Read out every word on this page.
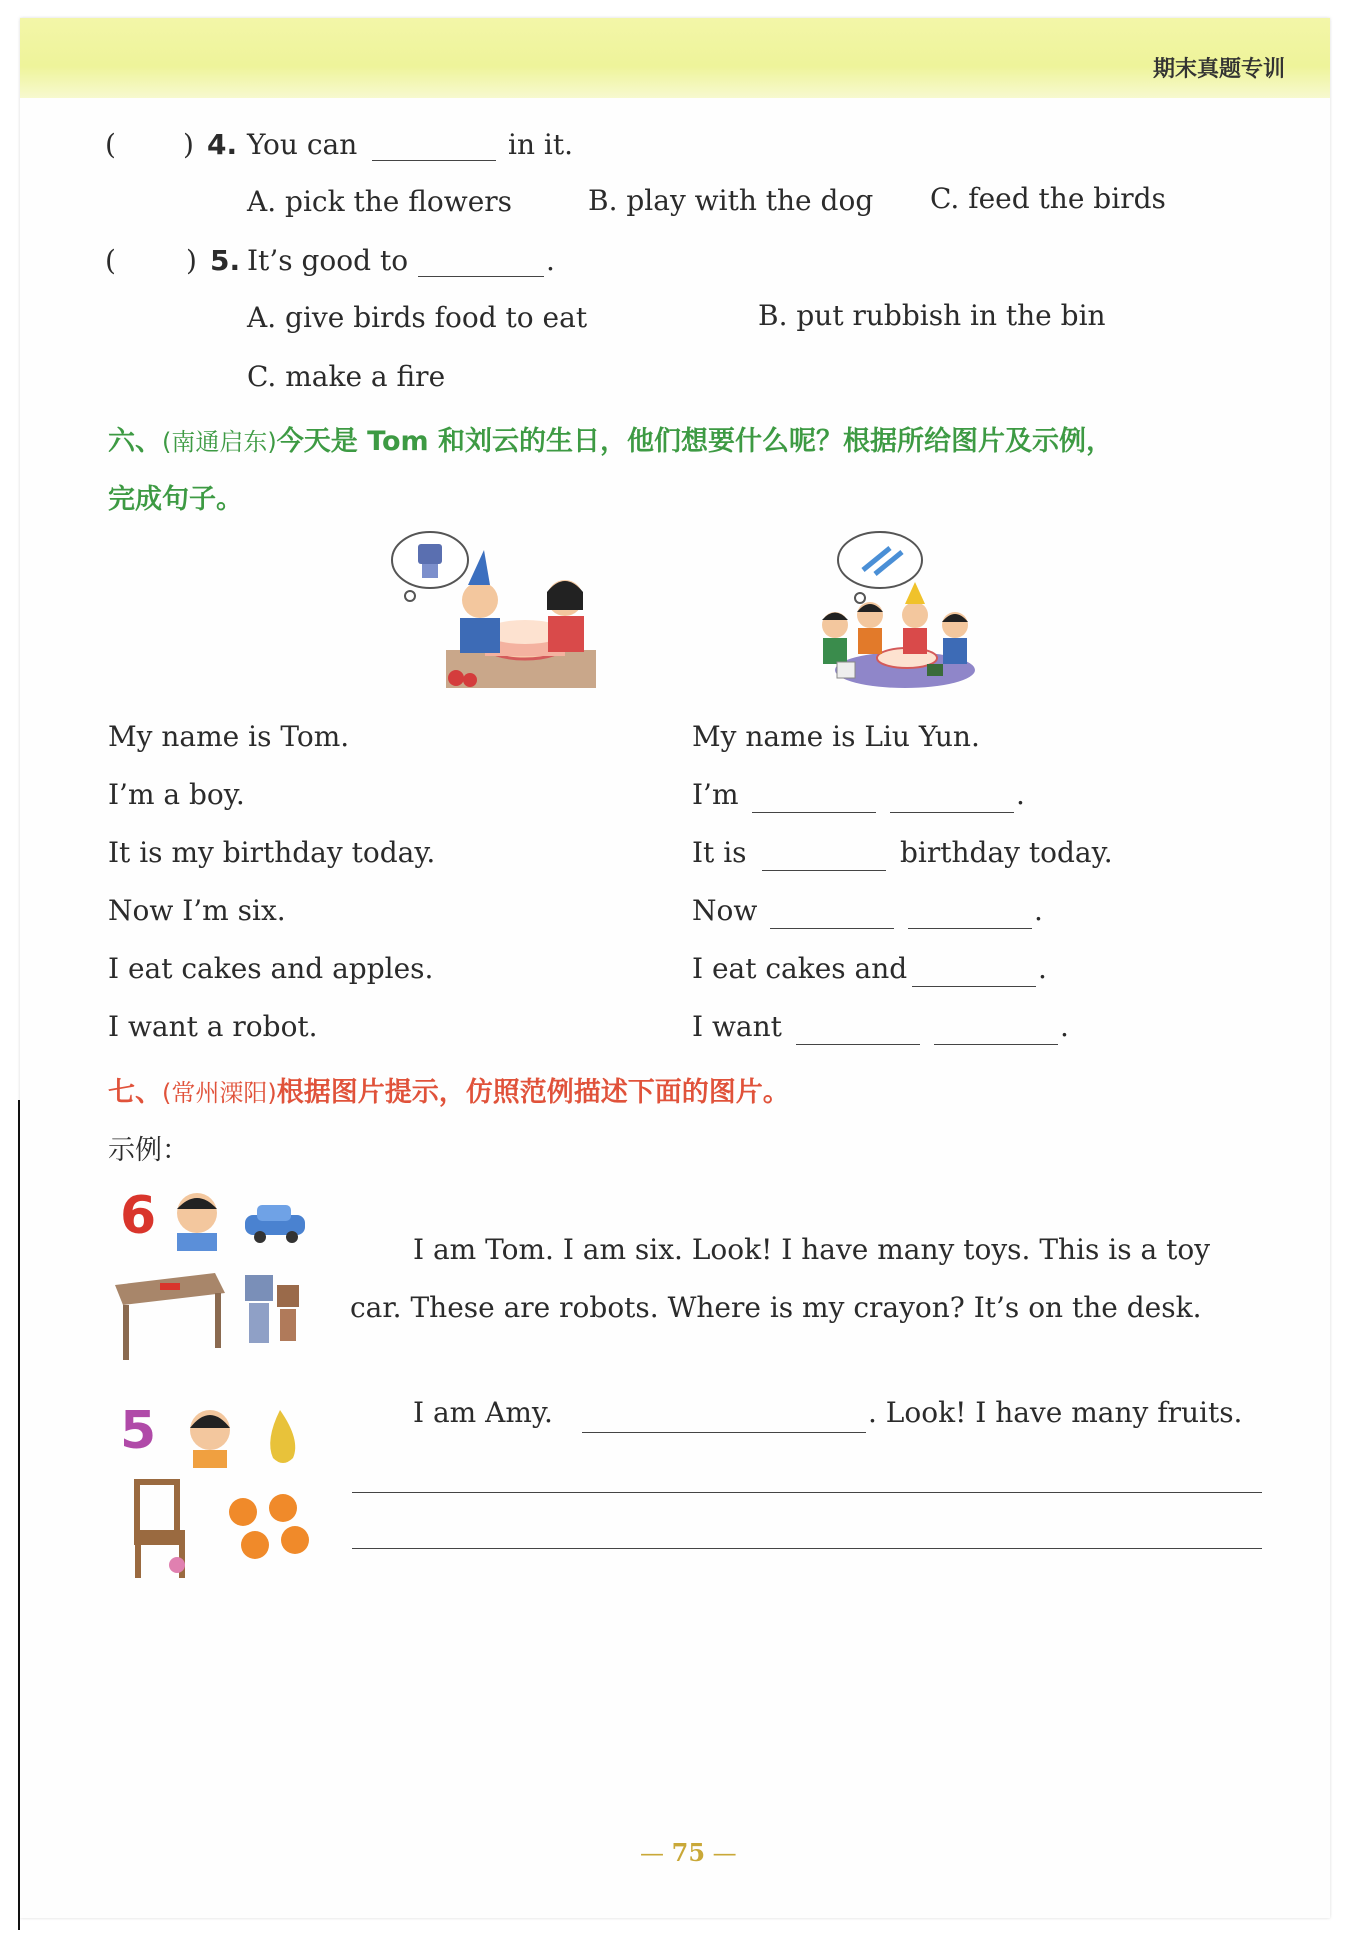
期末真题专训
( ) 4. You can	in it.
A. pick the flowers	B. play with the dog C. feed the birds
(	) 5. It’s good to	.
A. give birds food to eat	B. put rubbish in the bin
C. make a fire
六、(南通启东)今天是 Tom 和刘云的生日，他们想要什么呢？根据所给图片及示例，
完成句子。
My name is Tom.
I’m a boy.
It is my birthday today.
Now I’m six.
I eat cakes and apples.
I want a robot.
My name is Liu Yun.
I’m	.
It is	birthday today.
Now	.
I eat cakes and	.
I want	.
七、(常州溧阳)根据图片提示，仿照范例描述下面的图片。
示例：
6
I am Tom. I am six. Look! I have many toys. This is a toy
car. These are robots. Where is my crayon? It’s on the desk.
5	I am Amy.	. Look! I have many fruits.
— 75 —
